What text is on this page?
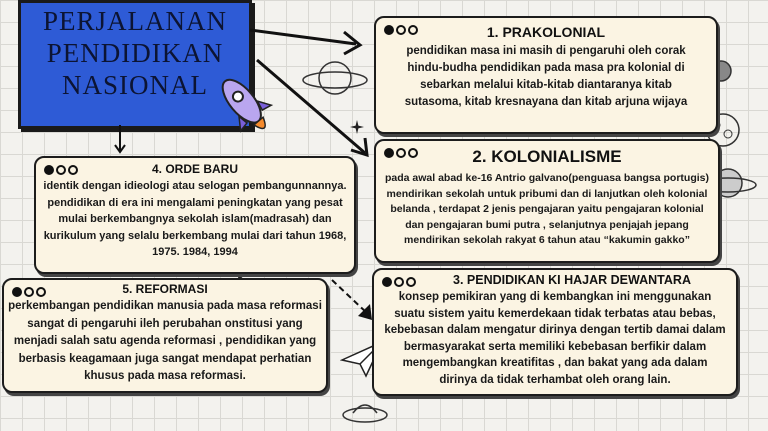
PERJALANAN
PENDIDIKAN
NASIONAL
1. PRAKOLONIAL

pendidikan masa ini masih di pengaruhi oleh corak hindu-budha pendidikan pada masa pra kolonial di sebarkan melalui kitab-kitab diantaranya kitab sutasoma, kitab kresnayana dan kitab arjuna wijaya

2. KOLONIALISME

pada awal abad ke-16 Antrio galvano(penguasa bangsa portugis) mendirikan sekolah untuk pribumi dan di lanjutkan oleh kolonial belanda , terdapat 2 jenis pengajaran yaitu pengajaran kolonial dan pengajaran bumi putra , selanjutnya penjajah jepang mendirikan sekolah rakyat 6 tahun atau “kakumin gakko”

3. PENDIDIKAN KI HAJAR DEWANTARA

konsep pemikiran yang di kembangkan ini menggunakan suatu sistem yaitu kemerdekaan tidak terbatas atau bebas, kebebasan dalam mengatur dirinya dengan tertib damai dalam bermasyarakat serta memiliki kebebasan berfikir dalam mengembangkan kreatifitas , dan bakat yang ada dalam dirinya da tidak terhambat oleh orang lain.

4. ORDE BARU

identik dengan idieologi atau selogan pembangunnannya. pendidikan di era ini mengalami peningkatan yang pesat mulai berkembangnya sekolah islam(madrasah) dan kurikulum yang selalu berkembang mulai dari tahun 1968, 1975. 1984, 1994

5. REFORMASI

perkembangan pendidikan manusia pada masa reformasi sangat di pengaruhi ileh perubahan onstitusi yang menjadi salah satu agenda reformasi , pendidikan yang berbasis keagamaan juga sangat mendapat perhatian khusus pada masa reformasi.
